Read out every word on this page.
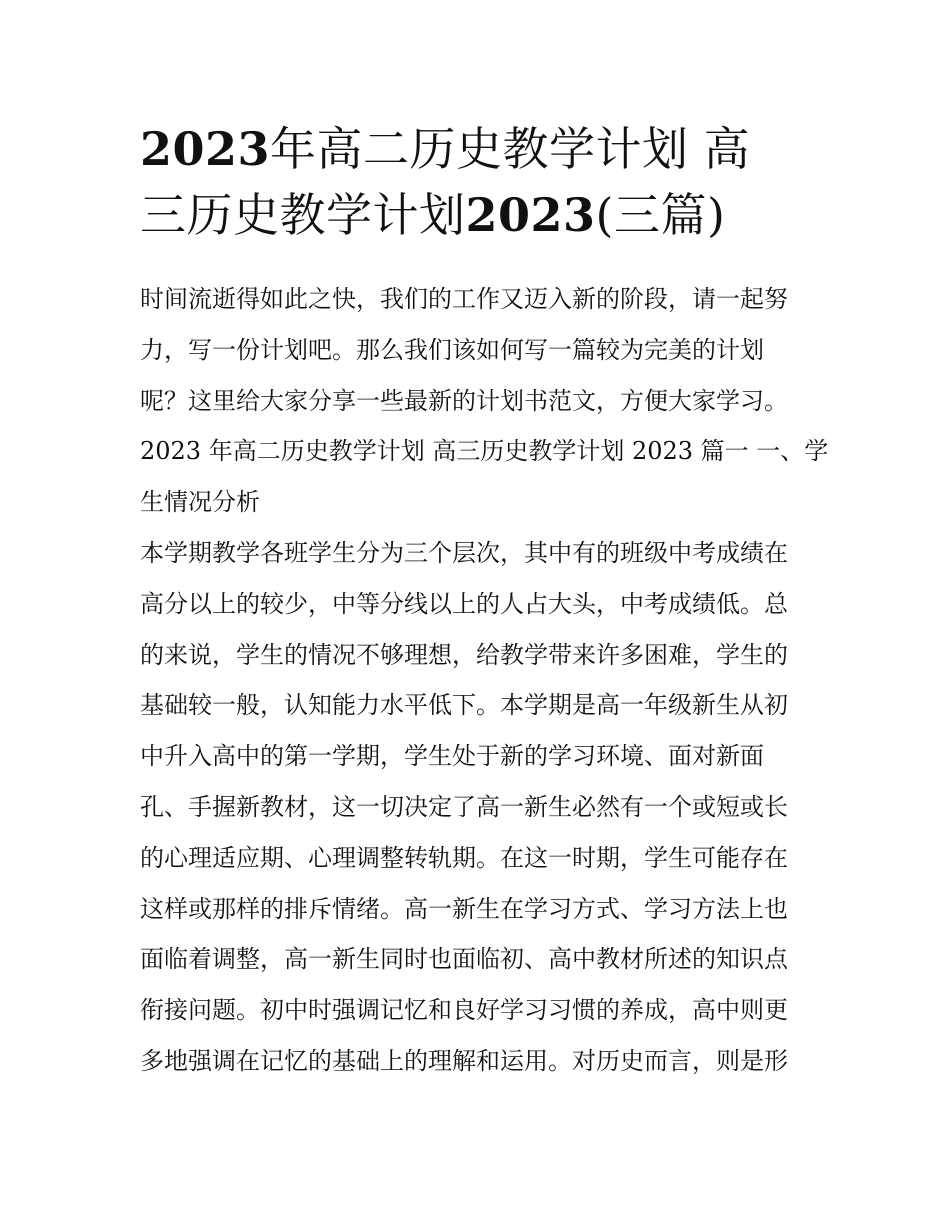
2023年高二历史教学计划 高
三历史教学计划2023(三篇)
时间流逝得如此之快，我们的工作又迈入新的阶段，请一起努
力，写一份计划吧。那么我们该如何写一篇较为完美的计划
呢？这里给大家分享一些最新的计划书范文，方便大家学习。
2023 年高二历史教学计划 高三历史教学计划 2023 篇一 一、学
生情况分析
本学期教学各班学生分为三个层次，其中有的班级中考成绩在
高分以上的较少，中等分线以上的人占大头，中考成绩低。总
的来说，学生的情况不够理想，给教学带来许多困难，学生的
基础较一般，认知能力水平低下。本学期是高一年级新生从初
中升入高中的第一学期，学生处于新的学习环境、面对新面
孔、手握新教材，这一切决定了高一新生必然有一个或短或长
的心理适应期、心理调整转轨期。在这一时期，学生可能存在
这样或那样的排斥情绪。高一新生在学习方式、学习方法上也
面临着调整，高一新生同时也面临初、高中教材所述的知识点
衔接问题。初中时强调记忆和良好学习习惯的养成，高中则更
多地强调在记忆的基础上的理解和运用。对历史而言，则是形
